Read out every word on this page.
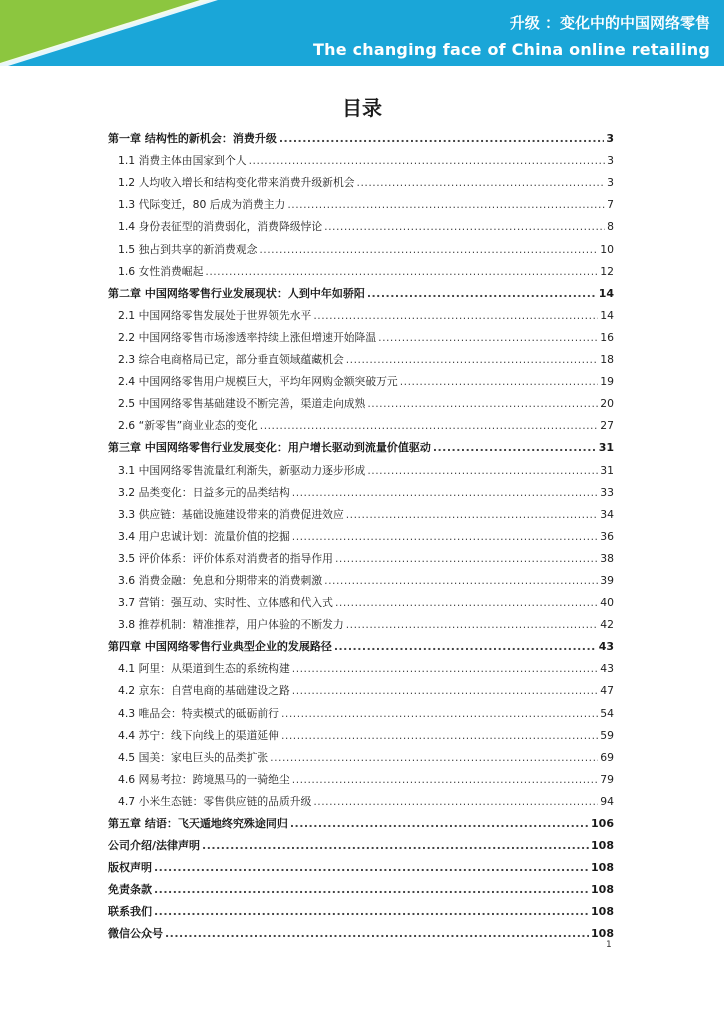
升级 ：变化中的中国网络零售
The changing face of China online retailing
目录
第一章 结构性的新机会：消费升级 .....	3
1.1 消费主体由国家到个人 .....	3
1.2 人均收入增长和结构变化带来消费升级新机会 .....	3
1.3 代际变迁，80 后成为消费主力 .....	7
1.4 身份表征型的消费弱化，消费降级悖论 .....	8
1.5 独占到共享的新消费观念 .....	10
1.6 女性消费崛起 .....	12
第二章 中国网络零售行业发展现状：人到中年如骄阳 .....	14
2.1 中国网络零售发展处于世界领先水平 .....	14
2.2 中国网络零售市场渗透率持续上涨但增速开始降温 .....	16
2.3 综合电商格局已定，部分垂直领域蕴藏机会 .....	18
2.4 中国网络零售用户规模巨大，平均年网购金额突破万元 .....	19
2.5 中国网络零售基础建设不断完善，渠道走向成熟 .....	20
2.6 “新零售”商业业态的变化 .....	27
第三章 中国网络零售行业发展变化：用户增长驱动到流量价值驱动 .....	31
3.1 中国网络零售流量红利渐失，新驱动力逐步形成 .....	31
3.2 品类变化：日益多元的品类结构 .....	33
3.3 供应链：基础设施建设带来的消费促进效应 .....	34
3.4 用户忠诚计划：流量价值的挖掘 .....	36
3.5 评价体系：评价体系对消费者的指导作用 .....	38
3.6 消费金融：免息和分期带来的消费刺激 .....	39
3.7 营销：强互动、实时性、立体感和代入式 .....	40
3.8 推荐机制：精准推荐，用户体验的不断发力 .....	42
第四章 中国网络零售行业典型企业的发展路径 .....	43
4.1 阿里：从渠道到生态的系统构建 .....	43
4.2 京东：自营电商的基础建设之路 .....	47
4.3 唯品会：特卖模式的砥砺前行 .....	54
4.4 苏宁：线下向线上的渠道延伸 .....	59
4.5 国美：家电巨头的品类扩张 .....	69
4.6 网易考拉：跨境黑马的一骑绝尘 .....	79
4.7 小米生态链：零售供应链的品质升级 .....	94
第五章 结语：飞天遁地终究殊途同归 .....	106
公司介绍/法律声明 .....	108
版权声明 .....	108
免责条款 .....	108
联系我们 .....	108
微信公众号 .....	108
1
